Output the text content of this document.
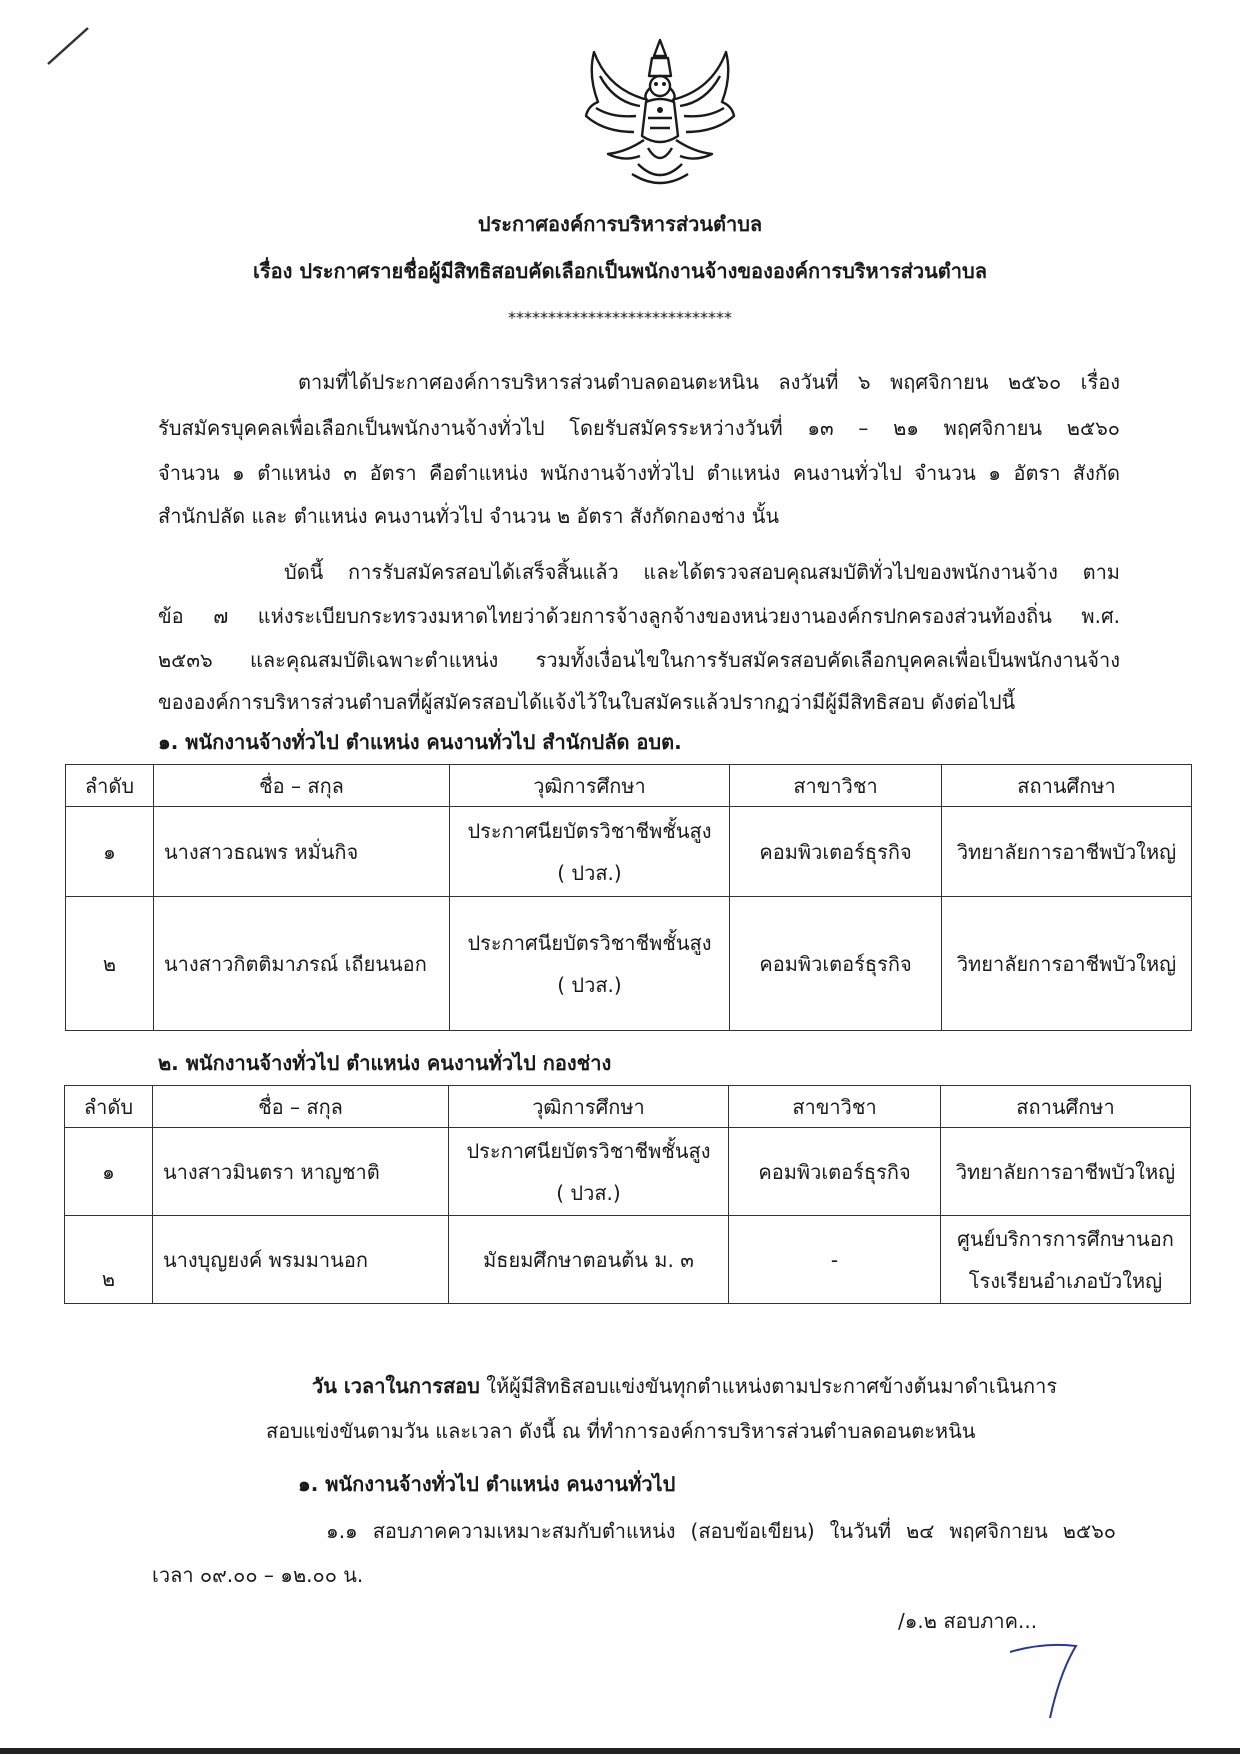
ประกาศองค์การบริหารส่วนตำบล
เรื่อง ประกาศรายชื่อผู้มีสิทธิสอบคัดเลือกเป็นพนักงานจ้างขององค์การบริหารส่วนตำบล
****************************
ตามที่ได้ประกาศองค์การบริหารส่วนตำบลดอนตะหนิน ลงวันที่ ๖ พฤศจิกายน ๒๕๖๐ เรื่อง
รับสมัครบุคคลเพื่อเลือกเป็นพนักงานจ้างทั่วไป โดยรับสมัครระหว่างวันที่ ๑๓ – ๒๑ พฤศจิกายน ๒๕๖๐
จำนวน ๑ ตำแหน่ง ๓ อัตรา คือตำแหน่ง พนักงานจ้างทั่วไป ตำแหน่ง คนงานทั่วไป จำนวน ๑ อัตรา สังกัด
สำนักปลัด และ ตำแหน่ง คนงานทั่วไป จำนวน ๒ อัตรา สังกัดกองช่าง นั้น
บัดนี้ การรับสมัครสอบได้เสร็จสิ้นแล้ว และได้ตรวจสอบคุณสมบัติทั่วไปของพนักงานจ้าง ตาม
ข้อ ๗ แห่งระเบียบกระทรวงมหาดไทยว่าด้วยการจ้างลูกจ้างของหน่วยงานองค์กรปกครองส่วนท้องถิ่น พ.ศ.
๒๕๓๖ และคุณสมบัติเฉพาะตำแหน่ง รวมทั้งเงื่อนไขในการรับสมัครสอบคัดเลือกบุคคลเพื่อเป็นพนักงานจ้าง
ขององค์การบริหารส่วนตำบลที่ผู้สมัครสอบได้แจ้งไว้ในใบสมัครแล้วปรากฏว่ามีผู้มีสิทธิสอบ ดังต่อไปนี้
๑. พนักงานจ้างทั่วไป ตำแหน่ง คนงานทั่วไป สำนักปลัด อบต.
ลำดับ	ชื่อ – สกุล	วุฒิการศึกษา	สาขาวิชา	สถานศึกษา
๑	นางสาวธณพร หมั่นกิจ	ประกาศนียบัตรวิชาชีพชั้นสูง
( ปวส.)	คอมพิวเตอร์ธุรกิจ	วิทยาลัยการอาชีพบัวใหญ่
๒	นางสาวกิตติมาภรณ์ เถียนนอก	ประกาศนียบัตรวิชาชีพชั้นสูง
( ปวส.)	คอมพิวเตอร์ธุรกิจ	วิทยาลัยการอาชีพบัวใหญ่
๒. พนักงานจ้างทั่วไป ตำแหน่ง คนงานทั่วไป กองช่าง
ลำดับ	ชื่อ – สกุล	วุฒิการศึกษา	สาขาวิชา	สถานศึกษา
๑	นางสาวมินตรา หาญชาติ	ประกาศนียบัตรวิชาชีพชั้นสูง
( ปวส.)	คอมพิวเตอร์ธุรกิจ	วิทยาลัยการอาชีพบัวใหญ่
๒	นางบุญยงค์ พรมมานอก	มัธยมศึกษาตอนต้น ม. ๓	-	ศูนย์บริการการศึกษานอก
โรงเรียนอำเภอบัวใหญ่
วัน เวลาในการสอบ ให้ผู้มีสิทธิสอบแข่งขันทุกตำแหน่งตามประกาศข้างต้นมาดำเนินการ
สอบแข่งขันตามวัน และเวลา ดังนี้ ณ ที่ทำการองค์การบริหารส่วนตำบลดอนตะหนิน
๑. พนักงานจ้างทั่วไป ตำแหน่ง คนงานทั่วไป
๑.๑ สอบภาคความเหมาะสมกับตำแหน่ง (สอบข้อเขียน) ในวันที่ ๒๔ พฤศจิกายน ๒๕๖๐
เวลา ๐๙.๐๐ – ๑๒.๐๐ น.
/๑.๒ สอบภาค...
